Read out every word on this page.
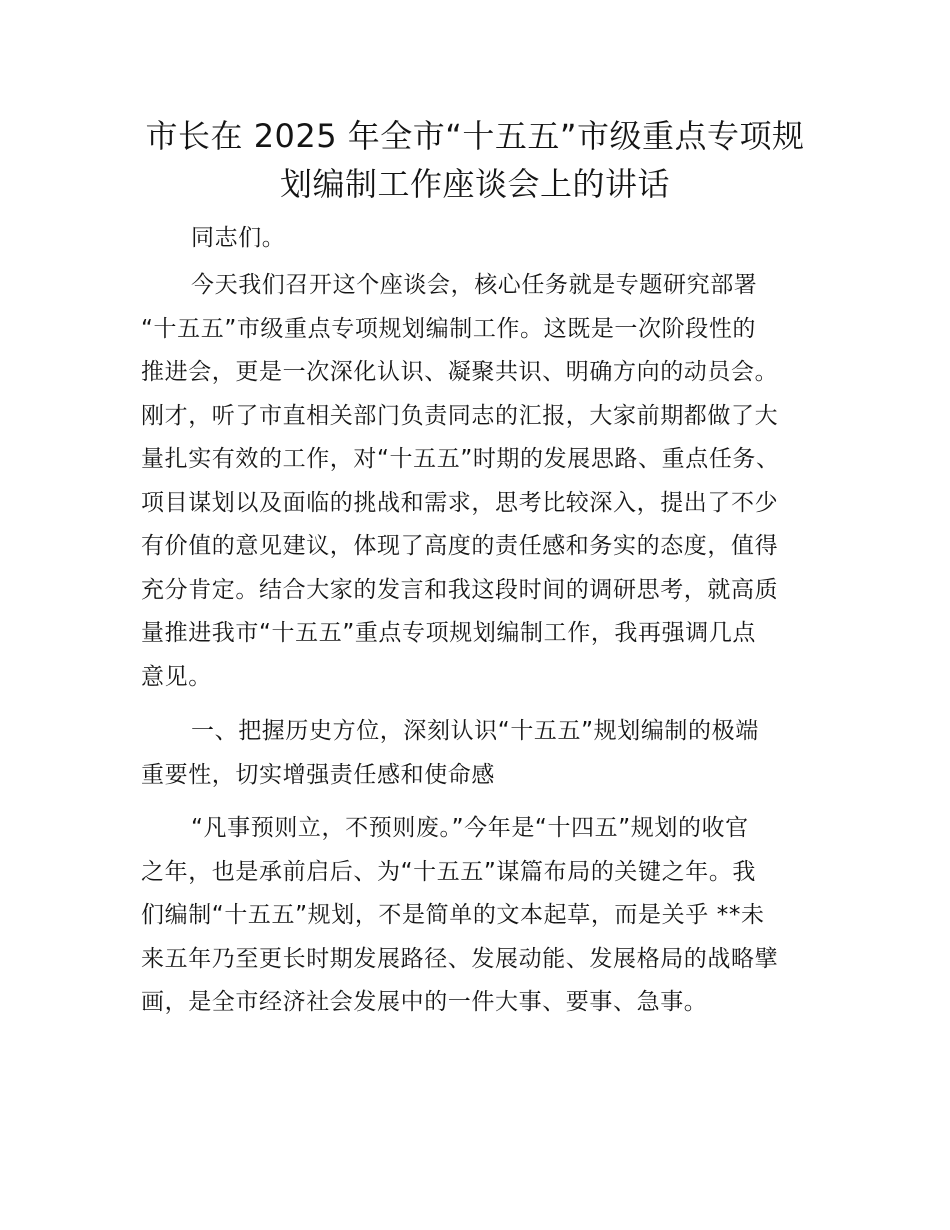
市长在 2025 年全市“十五五”市级重点专项规
划编制工作座谈会上的讲话
同志们。
今天我们召开这个座谈会，核心任务就是专题研究部署
“十五五”市级重点专项规划编制工作。这既是一次阶段性的
推进会，更是一次深化认识、凝聚共识、明确方向的动员会。
刚才，听了市直相关部门负责同志的汇报，大家前期都做了大
量扎实有效的工作，对“十五五”时期的发展思路、重点任务、
项目谋划以及面临的挑战和需求，思考比较深入，提出了不少
有价值的意见建议，体现了高度的责任感和务实的态度，值得
充分肯定。结合大家的发言和我这段时间的调研思考，就高质
量推进我市“十五五”重点专项规划编制工作，我再强调几点
意见。
一、把握历史方位，深刻认识“十五五”规划编制的极端
重要性，切实增强责任感和使命感
“凡事预则立，不预则废。”今年是“十四五”规划的收官
之年，也是承前启后、为“十五五”谋篇布局的关键之年。我
们编制“十五五”规划，不是简单的文本起草，而是关乎 **未
来五年乃至更长时期发展路径、发展动能、发展格局的战略擘
画，是全市经济社会发展中的一件大事、要事、急事。
